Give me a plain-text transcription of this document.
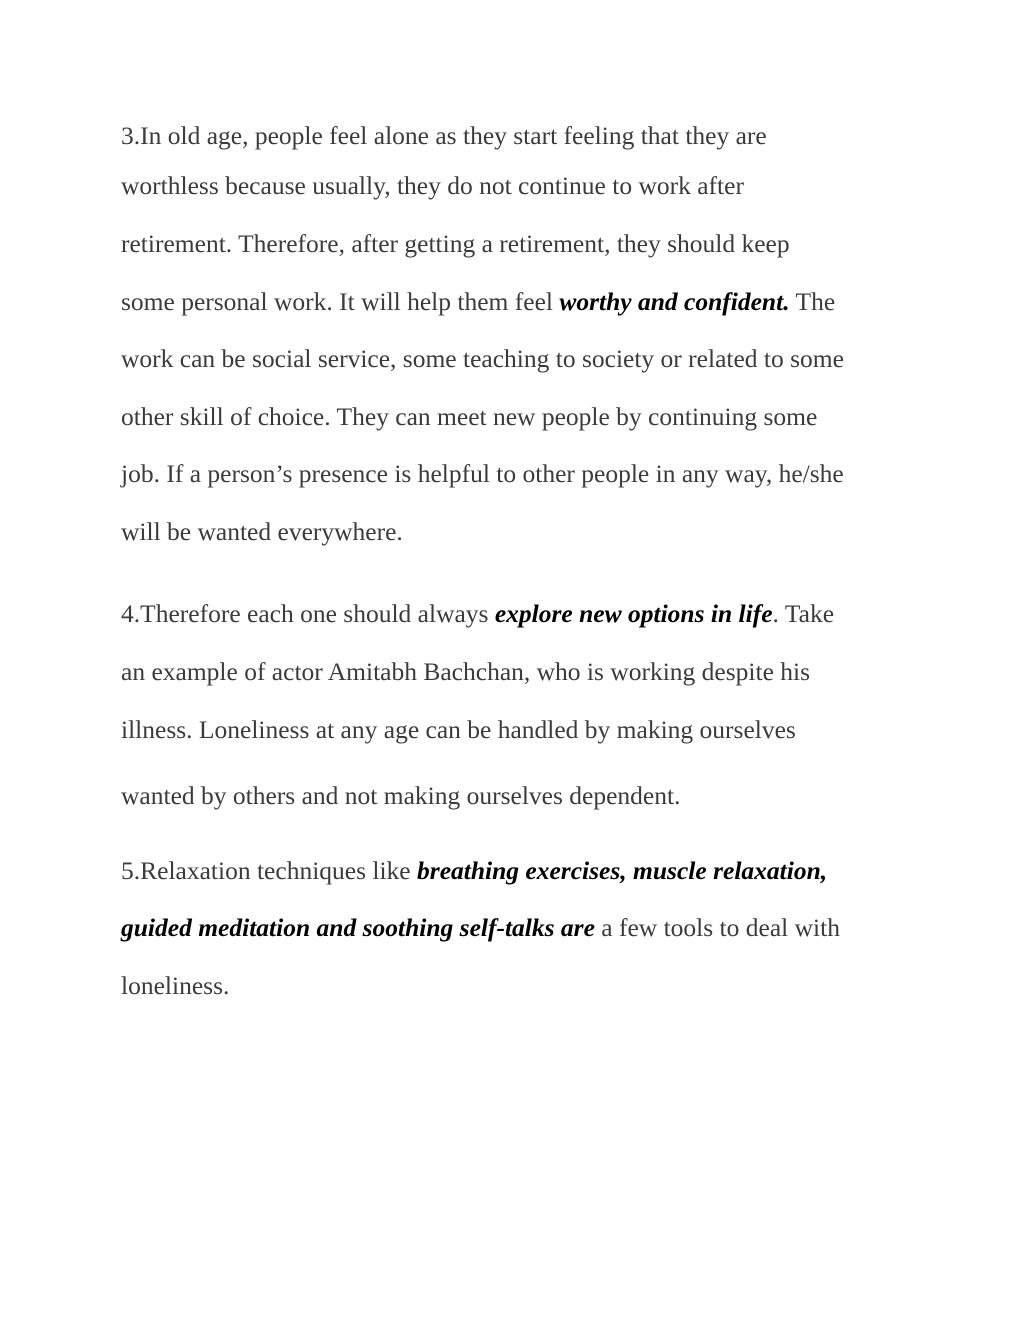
3.In old age, people feel alone as they start feeling that they are
worthless because usually, they do not continue to work after
retirement. Therefore, after getting a retirement, they should keep
some personal work. It will help them feel worthy and confident. The
work can be social service, some teaching to society or related to some
other skill of choice. They can meet new people by continuing some
job. If a person’s presence is helpful to other people in any way, he/she
will be wanted everywhere.
4.Therefore each one should always explore new options in life. Take
an example of actor Amitabh Bachchan, who is working despite his
illness. Loneliness at any age can be handled by making ourselves
wanted by others and not making ourselves dependent.
5.Relaxation techniques like breathing exercises, muscle relaxation,
guided meditation and soothing self-talks are a few tools to deal with
loneliness.
